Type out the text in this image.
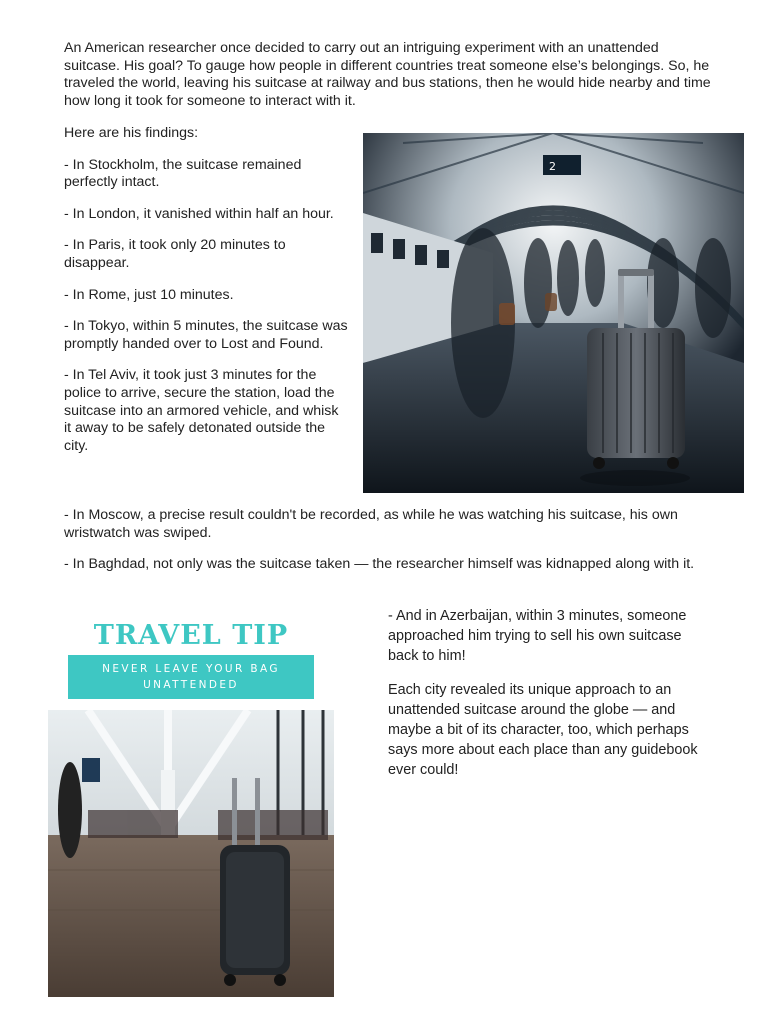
An American researcher once decided to carry out an intriguing experiment with an unattended suitcase. His goal? To gauge how people in different countries treat someone else’s belongings. So, he traveled the world, leaving his suitcase at railway and bus stations, then he would hide nearby and time how long it took for someone to interact with it.

Here are his findings:

- In Stockholm, the suitcase remained perfectly intact.

- In London, it vanished within half an hour.

- In Paris, it took only 20 minutes to disappear.

- In Rome, just 10 minutes.

- In Tokyo, within 5 minutes, the suitcase was promptly handed over to Lost and Found.

- In Tel Aviv, it took just 3 minutes for the police to arrive, secure the station, load the suitcase into an armored vehicle, and whisk it away to be safely detonated outside the city.

2

- In Moscow, a precise result couldn't be recorded, as while he was watching his suitcase, his own wristwatch was swiped.

- In Baghdad, not only was the suitcase taken — the researcher himself was kidnapped along with it.

TRAVEL TIP
NEVER LEAVE YOUR BAG
UNATTENDED

- And in Azerbaijan, within 3 minutes, someone approached him trying to sell his own suitcase back to him!

Each city revealed its unique approach to an unattended suitcase around the globe — and maybe a bit of its character, too, which perhaps says more about each place than any guidebook ever could!
